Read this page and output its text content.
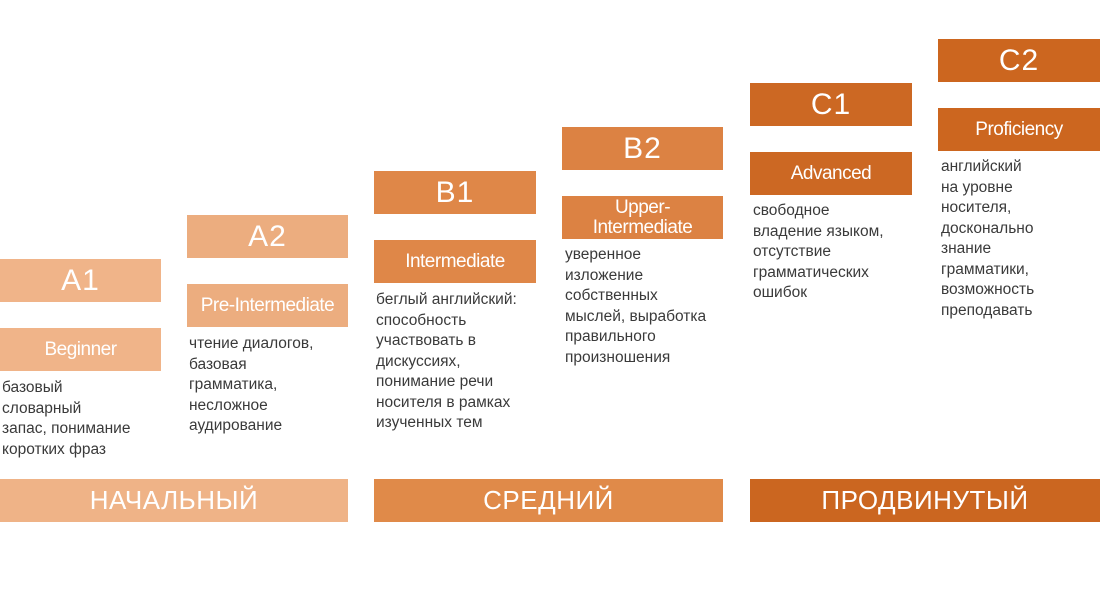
A1
Beginner
базовый
словарный
запас, понимание
коротких фраз
A2
Pre-Intermediate
чтение диалогов,
базовая
грамматика,
несложное
аудирование
B1
Intermediate
беглый английский:
способность
участвовать в
дискуссиях,
понимание речи
носителя в рамках
изученных тем
B2
Upper-
Intermediate
уверенное
изложение
собственных
мыслей, выработка
правильного
произношения
C1
Advanced
свободное
владение языком,
отсутствие
грамматических
ошибок
C2
Proficiency
английский
на уровне
носителя,
досконально
знание
грамматики,
возможность
преподавать
НАЧАЛЬНЫЙ	СРЕДНИЙ	ПРОДВИНУТЫЙ
